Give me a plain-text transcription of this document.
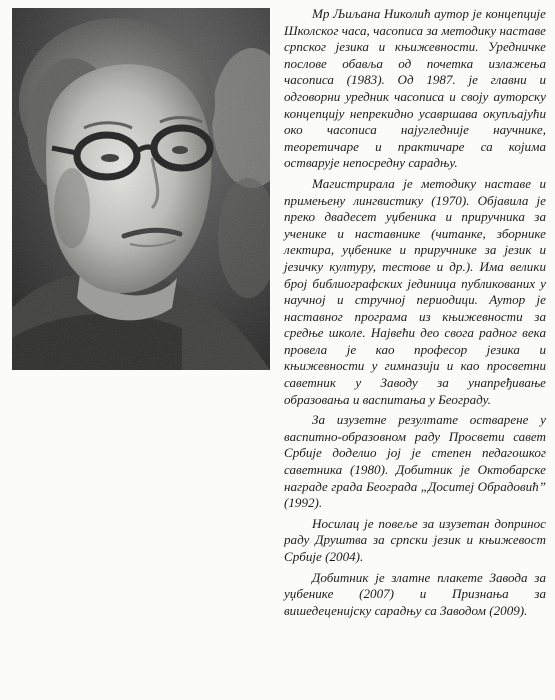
Мр Љиљана Николић аутор је концепције Школског часа, часописа за методику наставе српског језика и књижевности. Уредничке послове обавља од почетка излажења часописа (1983). Од 1987. је главни и одговорни уредник часописа и своју ауторску концепцију непрекидно усавршава окупљајући око часописа најугледније научнике, теоретичаре и практичаре са којима остварује непосредну сарадњу.

Магистрирала је методику наставе и примењену лингвистику (1970). Објавила је преко двадесет уџбеника и приручника за ученике и наставнике (читанке, зборнике лектира, уџбенике и приручнике за језик и језичку културу, тестове и др.). Има велики број библиографских јединица публикованих у научној и стручној периодици. Аутор је наставног програма из књижевности за средње школе. Највећи део свога радног века провела је као професор језика и књижевности у гимназији и као просветни саветник у Заводу за унапређивање образовања и васпитања у Београду.

За изузетне резултате остварене у васпитно-образовном раду Просвети савет Србије доделио јој је степен педагошког саветника (1980). Добитник је Октобарске награде града Београда „Доситеј Обрадовић” (1992).

Носилац је повеље за изузетан допринос раду Друштва за српски језик и књижевост Србије (2004).

Добитник је златне плакете Завода за уџбенике (2007) и Признања за вишедеценијску сарадњу са Заводом (2009).
